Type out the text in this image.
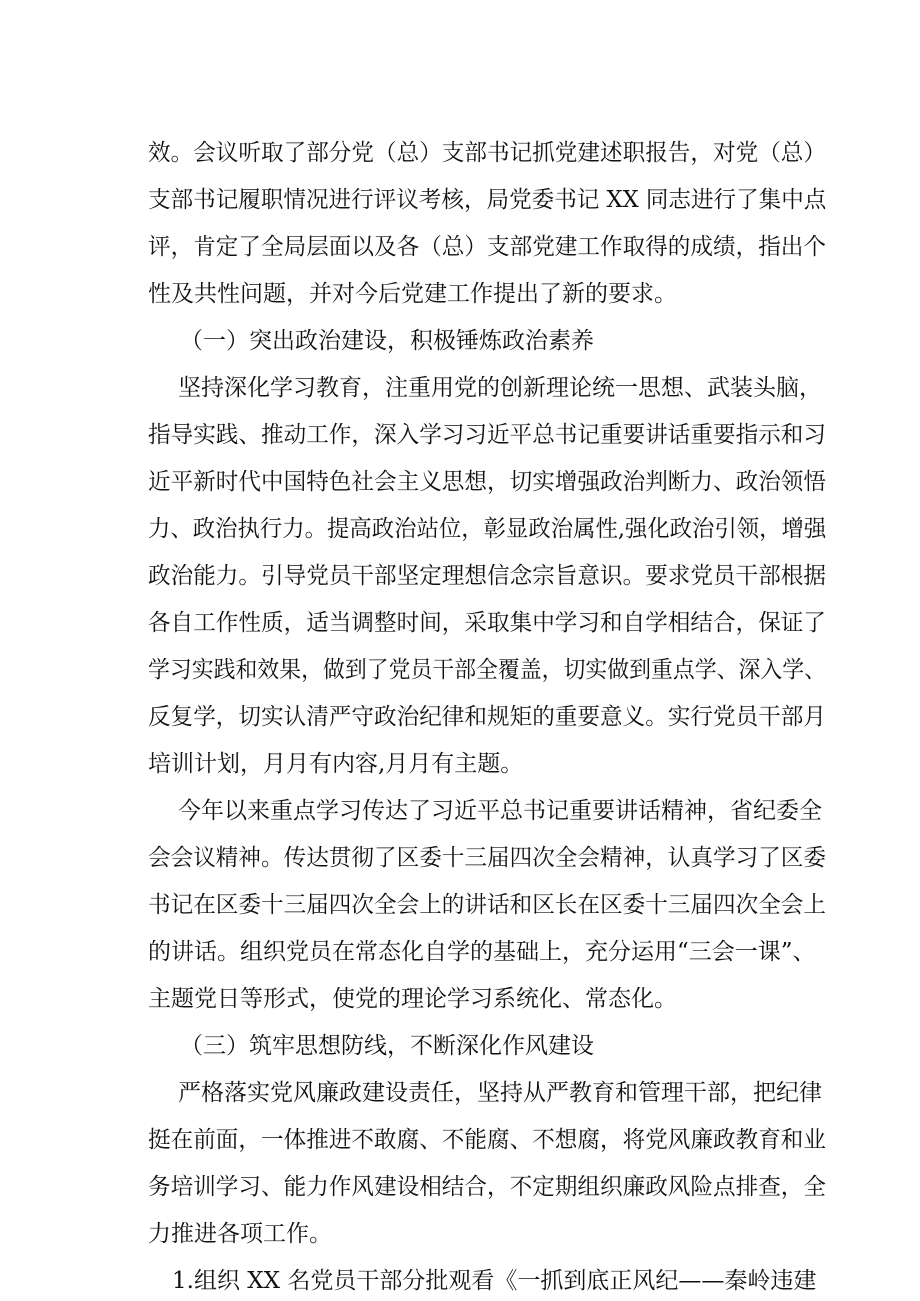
效。会议听取了部分党（总）支部书记抓党建述职报告，对党（总）
支部书记履职情况进行评议考核，局党委书记 XX 同志进行了集中点
评，肯定了全局层面以及各（总）支部党建工作取得的成绩，指出个
性及共性问题，并对今后党建工作提出了新的要求。
（一）突出政治建设，积极锤炼政治素养
坚持深化学习教育，注重用党的创新理论统一思想、武装头脑，
指导实践、推动工作，深入学习习近平总书记重要讲话重要指示和习
近平新时代中国特色社会主义思想，切实增强政治判断力、政治领悟
力、政治执行力。提高政治站位，彰显政治属性,强化政治引领，增强
政治能力。引导党员干部坚定理想信念宗旨意识。要求党员干部根据
各自工作性质，适当调整时间，采取集中学习和自学相结合，保证了
学习实践和效果，做到了党员干部全覆盖，切实做到重点学、深入学、
反复学，切实认清严守政治纪律和规矩的重要意义。实行党员干部月
培训计划，月月有内容,月月有主题。
今年以来重点学习传达了习近平总书记重要讲话精神，省纪委全
会会议精神。传达贯彻了区委十三届四次全会精神，认真学习了区委
书记在区委十三届四次全会上的讲话和区长在区委十三届四次全会上
的讲话。组织党员在常态化自学的基础上，充分运用“三会一课”、
主题党日等形式，使党的理论学习系统化、常态化。
（三）筑牢思想防线，不断深化作风建设
严格落实党风廉政建设责任，坚持从严教育和管理干部，把纪律
挺在前面，一体推进不敢腐、不能腐、不想腐，将党风廉政教育和业
务培训学习、能力作风建设相结合，不定期组织廉政风险点排查，全
力推进各项工作。
1.组织 XX 名党员干部分批观看《一抓到底正风纪——秦岭违建
